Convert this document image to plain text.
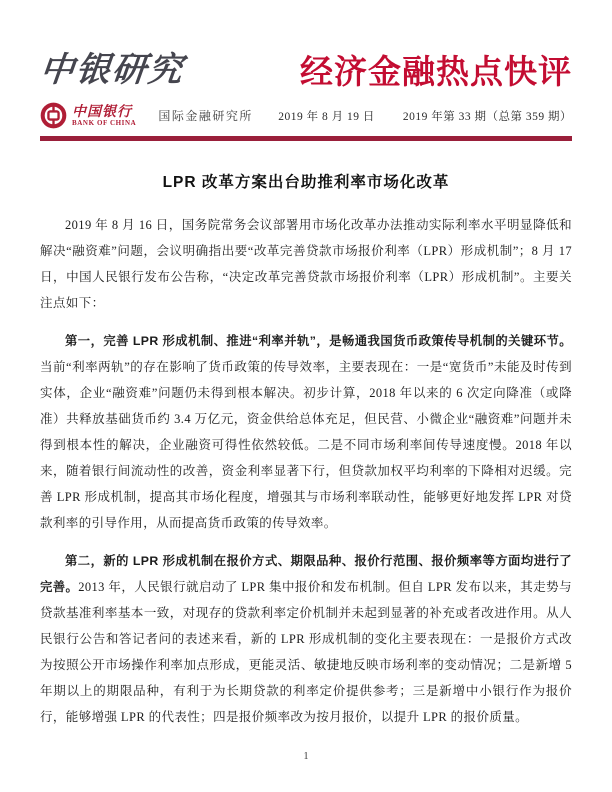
中银研究	经济金融热点快评
中国银行
BANK OF CHINA 国际金融研究所 2019 年 8 月 19 日 2019 年第 33 期（总第 359 期）
LPR 改革方案出台助推利率市场化改革

2019 年 8 月 16 日，国务院常务会议部署用市场化改革办法推动实际利率水平明显降低和解决“融资难”问题，会议明确指出要“改革完善贷款市场报价利率（LPR）形成机制”；8 月 17 日，中国人民银行发布公告称，“决定改革完善贷款市场报价利率（LPR）形成机制”。主要关注点如下：

第一，完善 LPR 形成机制、推进“利率并轨”，是畅通我国货币政策传导机制的关键环节。当前“利率两轨”的存在影响了货币政策的传导效率，主要表现在：一是“宽货币”未能及时传到实体，企业“融资难”问题仍未得到根本解决。初步计算，2018 年以来的 6 次定向降准（或降准）共释放基础货币约 3.4 万亿元，资金供给总体充足，但民营、小微企业“融资难”问题并未得到根本性的解决，企业融资可得性依然较低。二是不同市场利率间传导速度慢。2018 年以来，随着银行间流动性的改善，资金利率显著下行，但贷款加权平均利率的下降相对迟缓。完善 LPR 形成机制，提高其市场化程度，增强其与市场利率联动性，能够更好地发挥 LPR 对贷款利率的引导作用，从而提高货币政策的传导效率。

第二，新的 LPR 形成机制在报价方式、期限品种、报价行范围、报价频率等方面均进行了完善。2013 年，人民银行就启动了 LPR 集中报价和发布机制。但自 LPR 发布以来，其走势与贷款基准利率基本一致，对现存的贷款利率定价机制并未起到显著的补充或者改进作用。从人民银行公告和答记者问的表述来看，新的 LPR 形成机制的变化主要表现在：一是报价方式改为按照公开市场操作利率加点形成，更能灵活、敏捷地反映市场利率的变动情况；二是新增 5 年期以上的期限品种，有利于为长期贷款的利率定价提供参考；三是新增中小银行作为报价行，能够增强 LPR 的代表性；四是报价频率改为按月报价，以提升 LPR 的报价质量。

1
